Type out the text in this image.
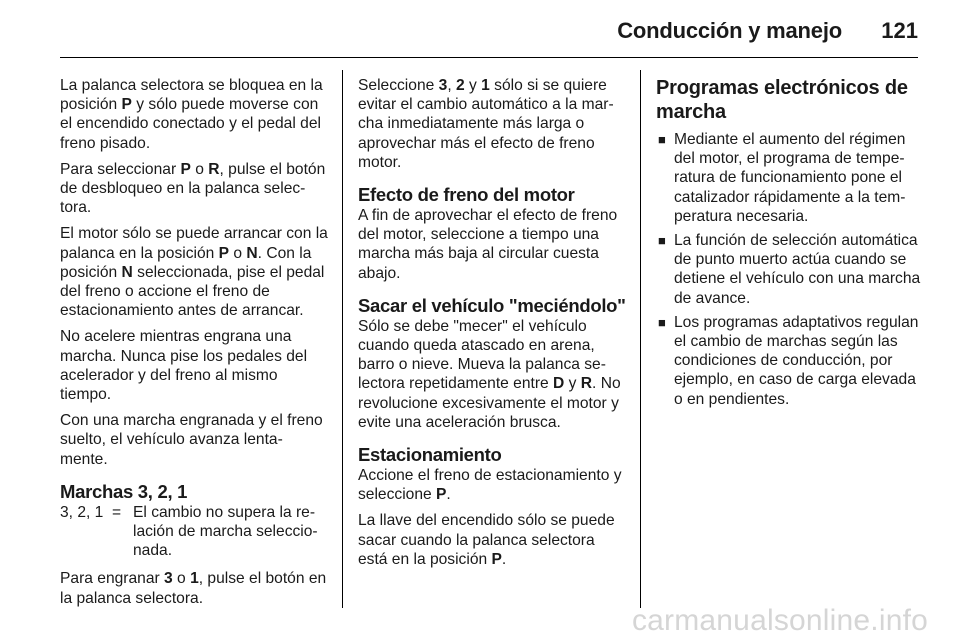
Conducción y manejo 121

La palanca selectora se bloquea en la posición P y sólo puede moverse con el encendido conectado y el pedal del freno pisado.

Para seleccionar P o R, pulse el botón de desbloqueo en la palanca selec-tora.

El motor sólo se puede arrancar con la palanca en la posición P o N. Con la posición N seleccionada, pise el pedal del freno o accione el freno de estacionamiento antes de arrancar.

No acelere mientras engrana una marcha. Nunca pise los pedales del acelerador y del freno al mismo tiempo.

Con una marcha engranada y el freno suelto, el vehículo avanza lenta-mente.

Marchas 3, 2, 1
3, 2, 1 = El cambio no supera la re-lación de marcha seleccio-nada.

Para engranar 3 o 1, pulse el botón en la palanca selectora.

Seleccione 3, 2 y 1 sólo si se quiere evitar el cambio automático a la mar-cha inmediatamente más larga o aprovechar más el efecto de freno motor.

Efecto de freno del motor

A fin de aprovechar el efecto de freno del motor, seleccione a tiempo una marcha más baja al circular cuesta abajo.

Sacar el vehículo "meciéndolo"

Sólo se debe "mecer" el vehículo cuando queda atascado en arena, barro o nieve. Mueva la palanca se-lectora repetidamente entre D y R. No revolucione excesivamente el motor y evite una aceleración brusca.

Estacionamiento

Accione el freno de estacionamiento y seleccione P.

La llave del encendido sólo se puede sacar cuando la palanca selectora está en la posición P.

Programas electrónicos de marcha
■ Mediante el aumento del régimen del motor, el programa de tempe-ratura de funcionamiento pone el catalizador rápidamente a la tem-peratura necesaria.
■ La función de selección automática de punto muerto actúa cuando se detiene el vehículo con una marcha de avance.
■ Los programas adaptativos regulan el cambio de marchas según las condiciones de conducción, por ejemplo, en caso de carga elevada o en pendientes.
carmanualsonline.info
